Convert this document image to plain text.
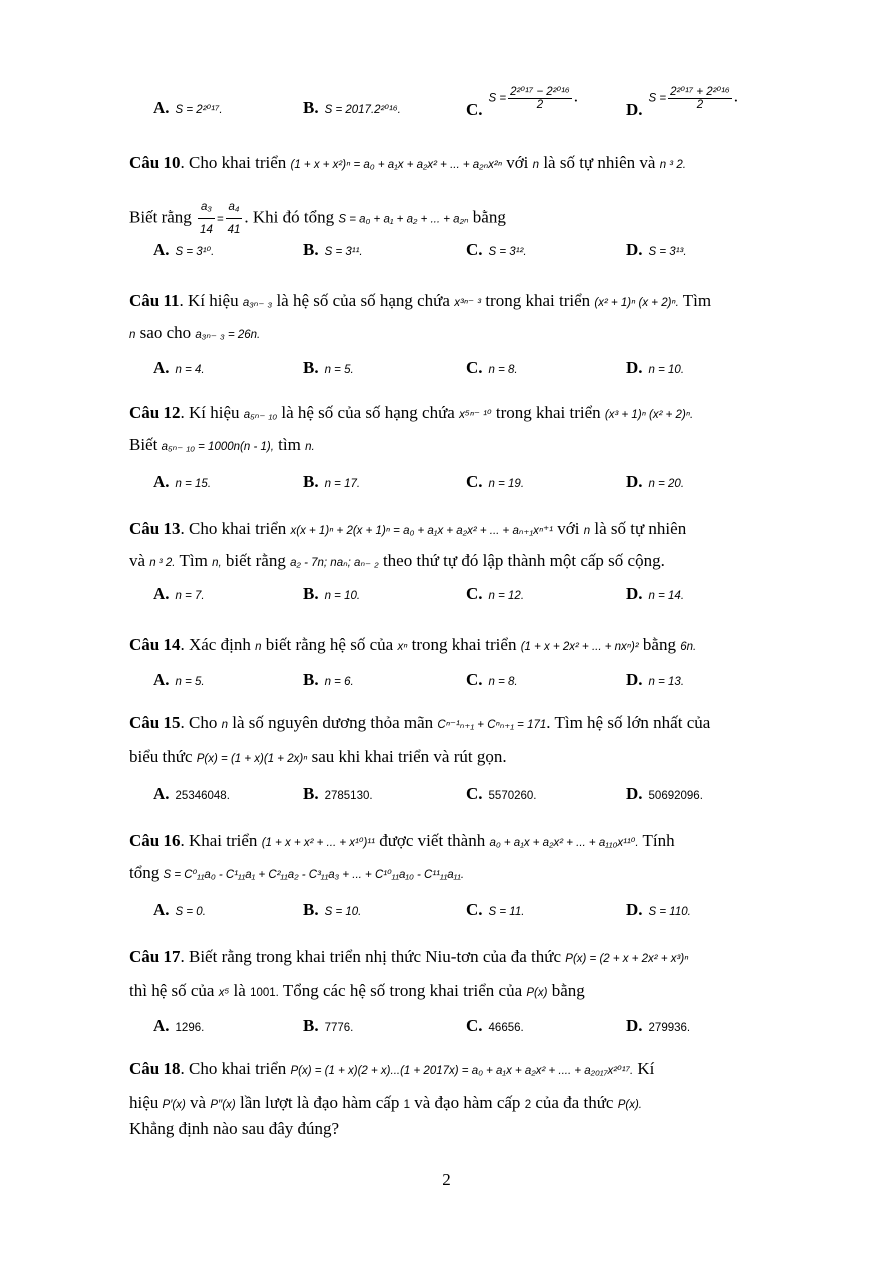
A. S = 2²⁰¹⁷.	B. S = 2017.2²⁰¹⁶.	$C.S = \frac{\text{2²⁰¹⁷ − 2²⁰¹⁶}}{2}$ .
$D.S = \frac{\text{2²⁰¹⁷ + 2²⁰¹⁶}}{2}$ .
Câu 10. Cho khai triển (1 + x + x²)ⁿ = a₀ + a₁x + a₂x² + ... + a₂ₙx²ⁿ với n là số tự nhiên và n ³ 2.
Biết rằng $\frac{\text{a₃}}{14} = \frac{\text{a₄}}{41}$ . Khi đó tổng S = a₀ + a₁ + a₂ + ... + a₂ₙ bằng
A. S = 3¹⁰.	B. S = 3¹¹.	C. S = 3¹².	D. S = 3¹³.
Câu 11. Kí hiệu a₃ₙ₋ ₃ là hệ số của số hạng chứa x³ⁿ⁻ ³ trong khai triển (x² + 1)ⁿ (x + 2)ⁿ. Tìm
n sao cho a₃ₙ₋ ₃ = 26n.
A. n = 4.	B. n = 5.	C. n = 8.	D. n = 10.
Câu 12. Kí hiệu a₅ₙ₋ ₁₀ là hệ số của số hạng chứa x⁵ⁿ⁻ ¹⁰ trong khai triển (x³ + 1)ⁿ (x² + 2)ⁿ.
Biết a₅ₙ₋ ₁₀ = 1000n(n - 1), tìm n.
A. n = 15.	B. n = 17.	C. n = 19.	D. n = 20.
Câu 13. Cho khai triển x(x + 1)ⁿ + 2(x + 1)ⁿ = a₀ + a₁x + a₂x² + ... + aₙ₊₁xⁿ⁺¹ với n là số tự nhiên
và n ³ 2. Tìm n, biết rằng a₂ - 7n; naₙ; aₙ₋ ₂ theo thứ tự đó lập thành một cấp số cộng.
A. n = 7.	B. n = 10.	C. n = 12.	D. n = 14.
Câu 14. Xác định n biết rằng hệ số của xⁿ trong khai triển (1 + x + 2x² + ... + nxⁿ)² bằng 6n.
A. n = 5.	B. n = 6.	C. n = 8.	D. n = 13.
Câu 15. Cho n là số nguyên dương thỏa mãn Cⁿ⁻¹ₙ₊₁ + Cⁿₙ₊₁ = 171. Tìm hệ số lớn nhất của
biểu thức P(x) = (1 + x)(1 + 2x)ⁿ sau khi khai triển và rút gọn.
A. 25346048.	B. 2785130.	C. 5570260.	D. 50692096.
Câu 16. Khai triển (1 + x + x² + ... + x¹⁰)¹¹ được viết thành a₀ + a₁x + a₂x² + ... + a₁₁₀x¹¹⁰. Tính
tổng S = C⁰₁₁a₀ - C¹₁₁a₁ + C²₁₁a₂ - C³₁₁a₃ + ... + C¹⁰₁₁a₁₀ - C¹¹₁₁a₁₁.
A. S = 0.	B. S = 10.	C. S = 11.	D. S = 110.
Câu 17. Biết rằng trong khai triển nhị thức Niu-tơn của đa thức P(x) = (2 + x + 2x² + x³)ⁿ
thì hệ số của x⁵ là 1001. Tổng các hệ số trong khai triển của P(x) bằng
A. 1296.	B. 7776.	C. 46656.	D. 279936.
Câu 18. Cho khai triển P(x) = (1 + x)(2 + x)...(1 + 2017x) = a₀ + a₁x + a₂x² + .... + a₂₀₁₇x²⁰¹⁷. Kí
hiệu P′(x) và P′′(x) lần lượt là đạo hàm cấp 1 và đạo hàm cấp 2 của đa thức P(x).
Khẳng định nào sau đây đúng?
2
